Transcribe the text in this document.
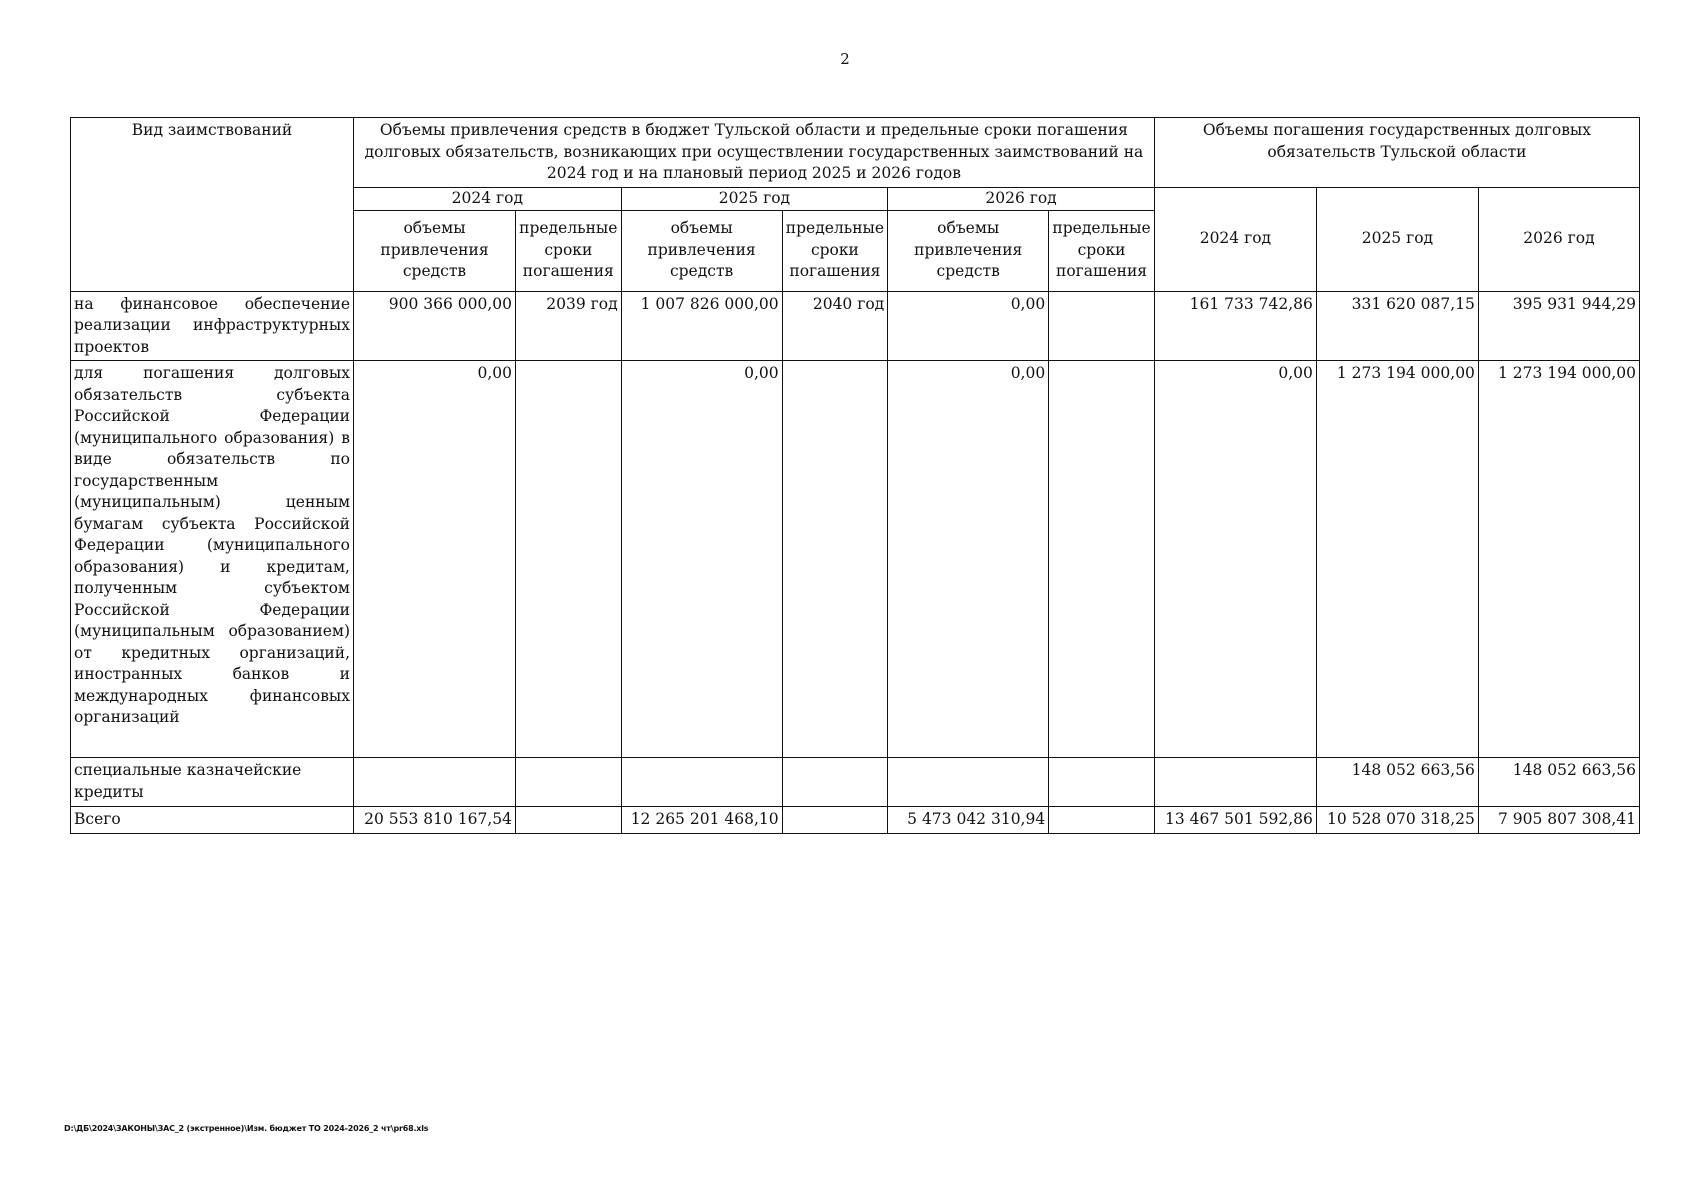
2
Вид заимствований	Объемы привлечения средств в бюджет Тульской области и предельные сроки погашения долговых обязательств, возникающих при осуществлении государственных заимствований на 2024 год и на плановый период 2025 и 2026 годов						Объемы погашения государственных долговых обязательств Тульской области		
	2024 год		2025 год		2026 год		2024 год	2025 год	2026 год
	объемы привлечения средств	предельные сроки погашения	объемы привлечения средств	предельные сроки погашения	объемы привлечения средств	предельные сроки погашения			
на финансовое обеспечение реализации инфраструктурных проектов	900 366 000,00	2039 год	1 007 826 000,00	2040 год	0,00		161 733 742,86	331 620 087,15	395 931 944,29
для погашения долговых обязательств субъекта Российской Федерации (муниципального образования) в виде обязательств по государственным (муниципальным) ценным бумагам субъекта Российской Федерации (муниципального образования) и кредитам, полученным субъектом Российской Федерации (муниципальным образованием) от кредитных организаций, иностранных банков и международных финансовых организаций	0,00		0,00		0,00		0,00	1 273 194 000,00	1 273 194 000,00
специальные казначейские кредиты								148 052 663,56	148 052 663,56
Всего	20 553 810 167,54		12 265 201 468,10		5 473 042 310,94		13 467 501 592,86	10 528 070 318,25	7 905 807 308,41
D:\ДБ\2024\ЗАКОНЫ\ЗАС_2 (экстренное)\Изм. бюджет ТО 2024-2026_2 чт\pr68.xls
